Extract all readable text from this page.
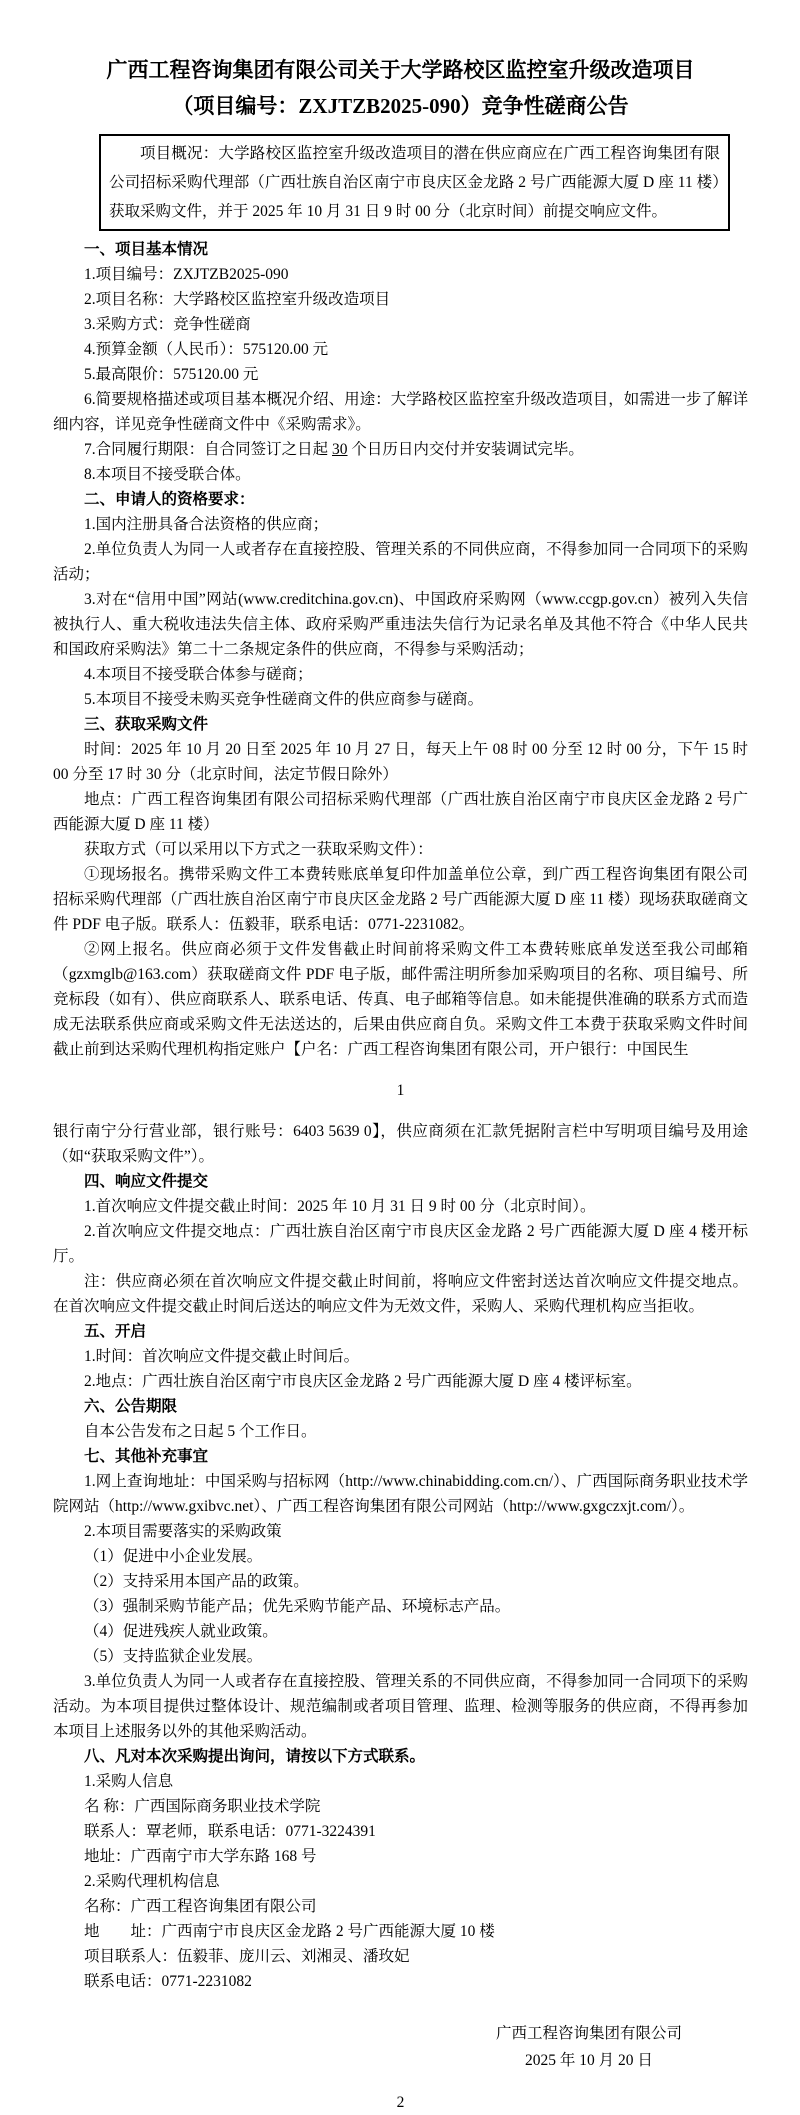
广西工程咨询集团有限公司关于大学路校区监控室升级改造项目
（项目编号：ZXJTZB2025-090）竞争性磋商公告

项目概况：大学路校区监控室升级改造项目的潜在供应商应在广西工程咨询集团有限公司招标采购代理部（广西壮族自治区南宁市良庆区金龙路 2 号广西能源大厦 D 座 11 楼）获取采购文件，并于 2025 年 10 月 31 日 9 时 00 分（北京时间）前提交响应文件。

一、项目基本情况

1.项目编号：ZXJTZB2025-090

2.项目名称：大学路校区监控室升级改造项目

3.采购方式：竞争性磋商

4.预算金额（人民币）：575120.00 元

5.最高限价：575120.00 元

6.简要规格描述或项目基本概况介绍、用途：大学路校区监控室升级改造项目，如需进一步了解详细内容，详见竞争性磋商文件中《采购需求》。

7.合同履行期限：自合同签订之日起 30 个日历日内交付并安装调试完毕。

8.本项目不接受联合体。

二、申请人的资格要求：

1.国内注册具备合法资格的供应商；

2.单位负责人为同一人或者存在直接控股、管理关系的不同供应商，不得参加同一合同项下的采购活动；

3.对在“信用中国”网站(www.creditchina.gov.cn)、中国政府采购网（www.ccgp.gov.cn）被列入失信被执行人、重大税收违法失信主体、政府采购严重违法失信行为记录名单及其他不符合《中华人民共和国政府采购法》第二十二条规定条件的供应商，不得参与采购活动；

4.本项目不接受联合体参与磋商；

5.本项目不接受未购买竞争性磋商文件的供应商参与磋商。

三、获取采购文件

时间：2025 年 10 月 20 日至 2025 年 10 月 27 日，每天上午 08 时 00 分至 12 时 00 分，下午 15 时 00 分至 17 时 30 分（北京时间，法定节假日除外）

地点：广西工程咨询集团有限公司招标采购代理部（广西壮族自治区南宁市良庆区金龙路 2 号广西能源大厦 D 座 11 楼）

获取方式（可以采用以下方式之一获取采购文件）：

①现场报名。携带采购文件工本费转账底单复印件加盖单位公章，到广西工程咨询集团有限公司招标采购代理部（广西壮族自治区南宁市良庆区金龙路 2 号广西能源大厦 D 座 11 楼）现场获取磋商文件 PDF 电子版。联系人：伍毅菲，联系电话：0771-2231082。

②网上报名。供应商必须于文件发售截止时间前将采购文件工本费转账底单发送至我公司邮箱（gzxmglb@163.com）获取磋商文件 PDF 电子版，邮件需注明所参加采购项目的名称、项目编号、所竞标段（如有）、供应商联系人、联系电话、传真、电子邮箱等信息。如未能提供准确的联系方式而造成无法联系供应商或采购文件无法送达的，后果由供应商自负。采购文件工本费于获取采购文件时间截止前到达采购代理机构指定账户【户名：广西工程咨询集团有限公司，开户银行：中国民生

1

银行南宁分行营业部，银行账号：6403 5639 0】，供应商须在汇款凭据附言栏中写明项目编号及用途（如“获取采购文件”）。

四、响应文件提交

1.首次响应文件提交截止时间：2025 年 10 月 31 日 9 时 00 分（北京时间）。

2.首次响应文件提交地点：广西壮族自治区南宁市良庆区金龙路 2 号广西能源大厦 D 座 4 楼开标厅。

注：供应商必须在首次响应文件提交截止时间前，将响应文件密封送达首次响应文件提交地点。在首次响应文件提交截止时间后送达的响应文件为无效文件，采购人、采购代理机构应当拒收。

五、开启

1.时间：首次响应文件提交截止时间后。

2.地点：广西壮族自治区南宁市良庆区金龙路 2 号广西能源大厦 D 座 4 楼评标室。

六、公告期限

自本公告发布之日起 5 个工作日。

七、其他补充事宜

1.网上查询地址：中国采购与招标网（http://www.chinabidding.com.cn/）、广西国际商务职业技术学院网站（http://www.gxibvc.net）、广西工程咨询集团有限公司网站（http://www.gxgczxjt.com/）。

2.本项目需要落实的采购政策

（1）促进中小企业发展。

（2）支持采用本国产品的政策。

（3）强制采购节能产品；优先采购节能产品、环境标志产品。

（4）促进残疾人就业政策。

（5）支持监狱企业发展。

3.单位负责人为同一人或者存在直接控股、管理关系的不同供应商，不得参加同一合同项下的采购活动。为本项目提供过整体设计、规范编制或者项目管理、监理、检测等服务的供应商，不得再参加本项目上述服务以外的其他采购活动。

八、凡对本次采购提出询问，请按以下方式联系。

1.采购人信息

名 称：广西国际商务职业技术学院

联系人：覃老师，联系电话：0771-3224391

地址：广西南宁市大学东路 168 号

2.采购代理机构信息

名称：广西工程咨询集团有限公司

地　　址：广西南宁市良庆区金龙路 2 号广西能源大厦 10 楼

项目联系人：伍毅菲、庞川云、刘湘灵、潘玫妃

联系电话：0771-2231082

广西工程咨询集团有限公司
2025 年 10 月 20 日

2
